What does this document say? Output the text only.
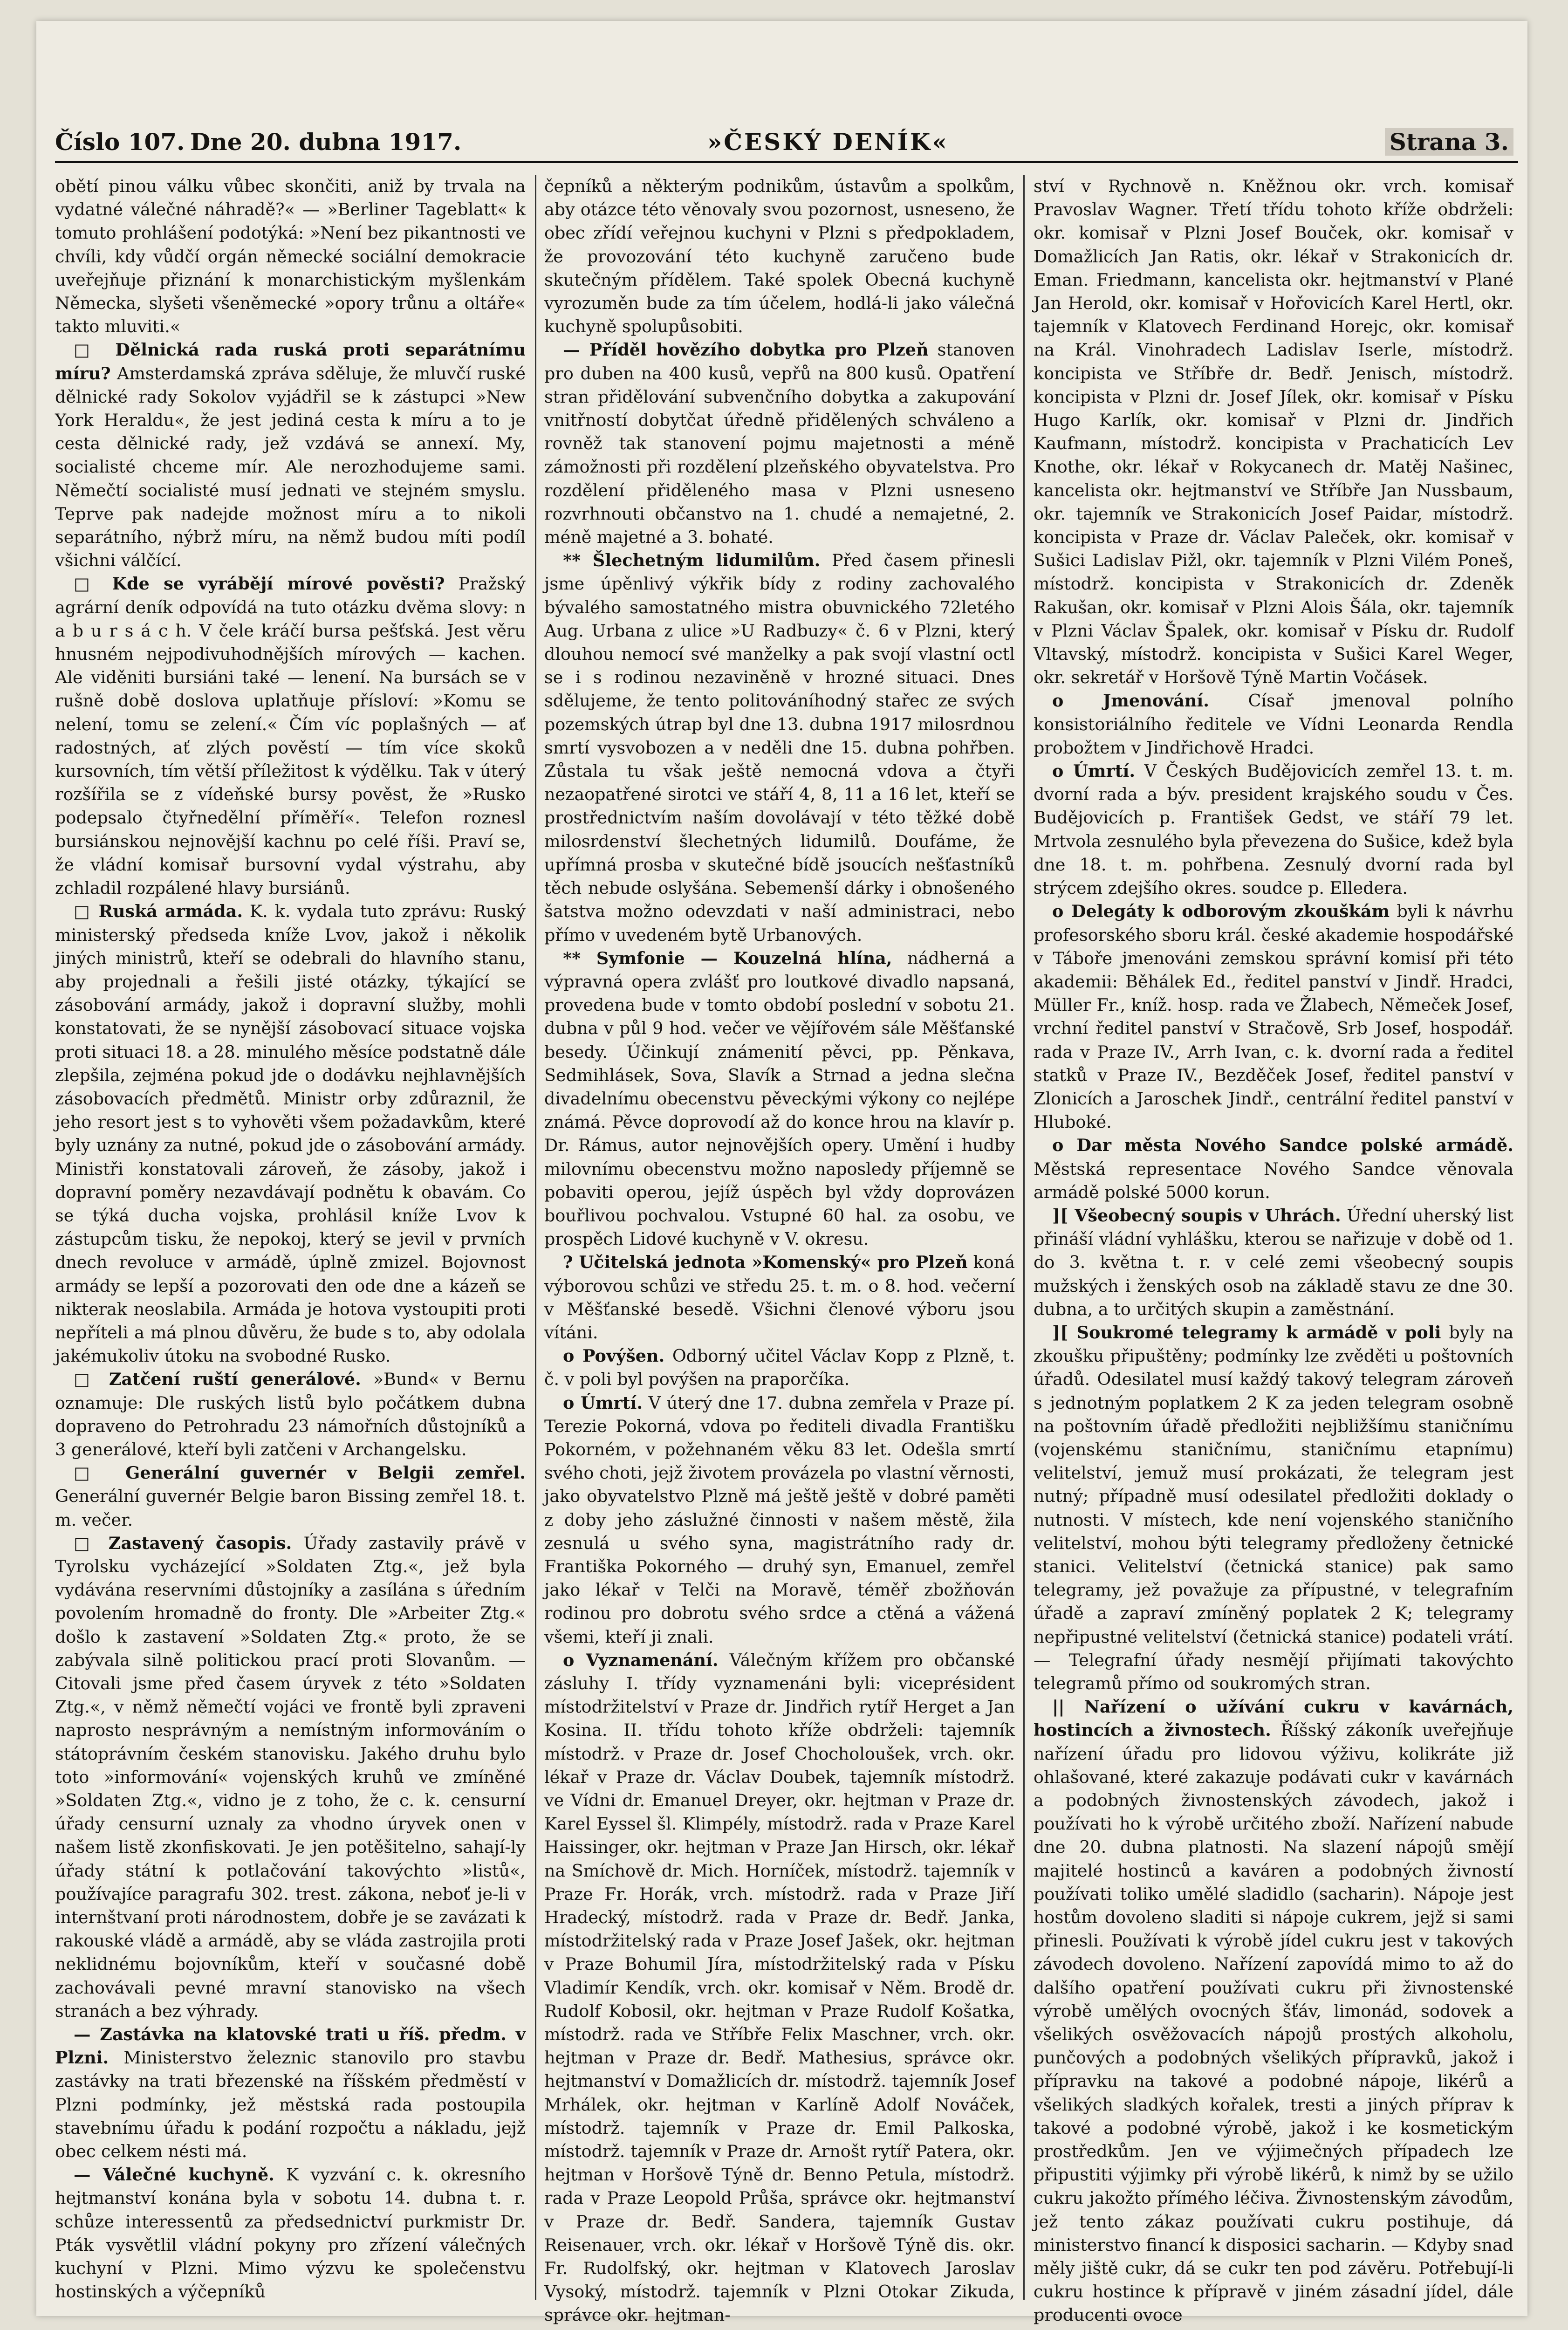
Číslo 107. Dne 20. dubna 1917.	»ČESKÝ DENÍK«	Strana 3.

obětí pinou válku vůbec skončiti, aniž by trvala na vydatné válečné náhradě?« — »Berliner Tageblatt« k tomuto prohlášení podotýká: »Není bez pikantnosti ve chvíli, kdy vůdčí orgán německé sociální demokracie uveřejňuje přiznání k monarchistickým myšlenkám Německa, slyšeti všeněmecké »opory trůnu a oltáře« takto mluviti.«

□ Dělnická rada ruská proti separátnímu míru? Amsterdamská zpráva sděluje, že mluvčí ruské dělnické rady Sokolov vyjádřil se k zástupci »New York Heraldu«, že jest jediná cesta k míru a to je cesta dělnické rady, jež vzdává se annexí. My, socialisté chceme mír. Ale nerozhodujeme sami. Němečtí socialisté musí jednati ve stejném smyslu. Teprve pak nadejde možnost míru a to nikoli separátního, nýbrž míru, na němž budou míti podíl všichni válčící.

□ Kde se vyrábějí mírové pověsti? Pražský agrární deník odpovídá na tuto otázku dvěma slovy: n a b u r s á c h. V čele kráčí bursa pešťská. Jest věru hnusném nejpodivuhodnějších mírových — kachen. Ale viděniti bursiáni také — lenení. Na bursách se v rušně době doslova uplatňuje přísloví: »Komu se nelení, tomu se zelení.« Čím víc poplašných — ať radostných, ať zlých pověstí — tím více skoků kursovních, tím větší příležitost k výdělku. Tak v úterý rozšířila se z vídeňské bursy pověst, že »Rusko podepsalo čtyřnedělní příměří«. Telefon roznesl bursiánskou nejnovější kachnu po celé říši. Praví se, že vládní komisař bursovní vydal výstrahu, aby zchladil rozpálené hlavy bursiánů.

□ Ruská armáda. K. k. vydala tuto zprávu: Ruský ministerský předseda kníže Lvov, jakož i několik jiných ministrů, kteří se odebrali do hlavního stanu, aby projednali a řešili jisté otázky, týkající se zásobování armády, jakož i dopravní služby, mohli konstatovati, že se nynější zásobovací situace vojska proti situaci 18. a 28. minulého měsíce podstatně dále zlepšila, zejména pokud jde o dodávku nejhlavnějších zásobovacích předmětů. Ministr orby zdůraznil, že jeho resort jest s to vyhověti všem požadavkům, které byly uznány za nutné, pokud jde o zásobování armády. Ministři konstatovali zároveň, že zásoby, jakož i dopravní poměry nezavdávají podnětu k obavám. Co se týká ducha vojska, prohlásil kníže Lvov k zástupcům tisku, že nepokoj, který se jevil v prvních dnech revoluce v armádě, úplně zmizel. Bojovnost armády se lepší a pozorovati den ode dne a kázeň se nikterak neoslabila. Armáda je hotova vystoupiti proti nepříteli a má plnou důvěru, že bude s to, aby odolala jakémukoliv útoku na svobodné Rusko.

□ Zatčení ruští generálové. »Bund« v Bernu oznamuje: Dle ruských listů bylo počátkem dubna dopraveno do Petrohradu 23 námořních důstojníků a 3 generálové, kteří byli zatčeni v Archangelsku.

□ Generální guvernér v Belgii zemřel. Generální guvernér Belgie baron Bissing zemřel 18. t. m. večer.

□ Zastavený časopis. Úřady zastavily právě v Tyrolsku vycházející »Soldaten Ztg.«, jež byla vydávána reservními důstojníky a zasílána s úředním povolením hromadně do fronty. Dle »Arbeiter Ztg.« došlo k zastavení »Soldaten Ztg.« proto, že se zabývala silně politickou prací proti Slovanům. — Citovali jsme před časem úryvek z této »Soldaten Ztg.«, v němž němečtí vojáci ve frontě byli zpraveni naprosto nesprávným a nemístným informováním o státoprávním českém stanovisku. Jakého druhu bylo toto »informování« vojenských kruhů ve zmíněné »Soldaten Ztg.«, vidno je z toho, že c. k. censurní úřady censurní uznaly za vhodno úryvek onen v našem listě zkonfiskovati. Je jen potěšitelno, sahají-ly úřady státní k potlačování takovýchto »listů«, používajíce paragrafu 302. trest. zákona, neboť je-li v internštvaní proti národnostem, dobře je se zavázati k rakouské vládě a armádě, aby se vláda zastrojila proti neklidnému bojovníkům, kteří v současné době zachovávali pevné mravní stanovisko na všech stranách a bez výhrady.

— Zastávka na klatovské trati u říš. předm. v Plzni. Ministerstvo železnic stanovilo pro stavbu zastávky na trati březenské na říšském předměstí v Plzni podmínky, jež městská rada postoupila stavebnímu úřadu k podání rozpočtu a nákladu, jejž obec celkem nésti má.

— Válečné kuchyně. K vyzvání c. k. okresního hejtmanství konána byla v sobotu 14. dubna t. r. schůze interessentů za předsednictví purkmistr Dr. Pták vysvětlil vládní pokyny pro zřízení válečných kuchyní v Plzni. Mimo výzvu ke společenstvu hostinských a výčepníků

čepníků a některým podnikům, ústavům a spolkům, aby otázce této věnovaly svou pozornost, usneseno, že obec zřídí veřejnou kuchyni v Plzni s předpokladem, že provozování této kuchyně zaručeno bude skutečným přídělem. Také spolek Obecná kuchyně vyrozuměn bude za tím účelem, hodlá-li jako válečná kuchyně spolupůsobiti.

— Příděl hovězího dobytka pro Plzeň stanoven pro duben na 400 kusů, vepřů na 800 kusů. Opatření stran přidělování subvenčního dobytka a zakupování vnitřností dobytčat úředně přidělených schváleno a rovněž tak stanovení pojmu majetnosti a méně zámožnosti při rozdělení plzeňského obyvatelstva. Pro rozdělení přiděleného masa v Plzni usneseno rozvrhnouti občanstvo na 1. chudé a nemajetné, 2. méně majetné a 3. bohaté.

** Šlechetným lidumilům. Před časem přinesli jsme úpěnlivý výkřik bídy z rodiny zachovalého bývalého samostatného mistra obuvnického 72letého Aug. Urbana z ulice »U Radbuzy« č. 6 v Plzni, který dlouhou nemocí své manželky a pak svojí vlastní octl se i s rodinou nezaviněně v hrozné situaci. Dnes sdělujeme, že tento politováníhodný stařec ze svých pozemských útrap byl dne 13. dubna 1917 milosrdnou smrtí vysvobozen a v neděli dne 15. dubna pohřben. Zůstala tu však ještě nemocná vdova a čtyři nezaopatřené sirotci ve stáří 4, 8, 11 a 16 let, kteří se prostřednictvím naším dovolávají v této těžké době milosrdenství šlechetných lidumilů. Doufáme, že upřímná prosba v skutečné bídě jsoucích nešťastníků těch nebude oslyšána. Sebemenší dárky i obnošeného šatstva možno odevzdati v naší administraci, nebo přímo v uvedeném bytě Urbanových.

** Symfonie — Kouzelná hlína, nádherná a výpravná opera zvlášť pro loutkové divadlo napsaná, provedena bude v tomto období poslední v sobotu 21. dubna v půl 9 hod. večer ve vějířovém sále Měšťanské besedy. Účinkují známenití pěvci, pp. Pěnkava, Sedmihlásek, Sova, Slavík a Strnad a jedna slečna divadelnímu obecenstvu pěveckými výkony co nejlépe známá. Pěvce doprovodí až do konce hrou na klavír p. Dr. Rámus, autor nejnovějších opery. Umění i hudby milovnímu obecenstvu možno naposledy příjemně se pobaviti operou, jejíž úspěch byl vždy doprovázen bouřlivou pochvalou. Vstupné 60 hal. za osobu, ve prospěch Lidové kuchyně v V. okresu.

? Učitelská jednota »Komenský« pro Plzeň koná výborovou schůzi ve středu 25. t. m. o 8. hod. večerní v Měšťanské besedě. Všichni členové výboru jsou vítáni.

o Povýšen. Odborný učitel Václav Kopp z Plzně, t. č. v poli byl povýšen na praporčíka.

o Úmrtí. V úterý dne 17. dubna zemřela v Praze pí. Terezie Pokorná, vdova po řediteli divadla Františku Pokorném, v požehnaném věku 83 let. Odešla smrtí svého choti, jejž životem provázela po vlastní věrnosti, jako obyvatelstvo Plzně má ještě ještě v dobré paměti z doby jeho záslužné činnosti v našem městě, žila zesnulá u svého syna, magistrátního rady dr. Františka Pokorného — druhý syn, Emanuel, zemřel jako lékař v Telči na Moravě, téměř zbožňován rodinou pro dobrotu svého srdce a ctěná a vážená všemi, kteří ji znali.

o Vyznamenání. Válečným křížem pro občanské zásluhy I. třídy vyznamenáni byli: viceprésident místodržitelství v Praze dr. Jindřich rytíř Herget a Jan Kosina. II. třídu tohoto kříže obdrželi: tajemník místodrž. v Praze dr. Josef Chocholoušek, vrch. okr. lékař v Praze dr. Václav Doubek, tajemník místodrž. ve Vídni dr. Emanuel Dreyer, okr. hejtman v Praze dr. Karel Eyssel šl. Klimpély, místodrž. rada v Praze Karel Haissinger, okr. hejtman v Praze Jan Hirsch, okr. lékař na Smíchově dr. Mich. Horníček, místodrž. tajemník v Praze Fr. Horák, vrch. místodrž. rada v Praze Jiří Hradecký, místodrž. rada v Praze dr. Bedř. Janka, místodržitelský rada v Praze Josef Jašek, okr. hejtman v Praze Bohumil Jíra, místodržitelský rada v Písku Vladimír Kendík, vrch. okr. komisař v Něm. Brodě dr. Rudolf Kobosil, okr. hejtman v Praze Rudolf Košatka, místodrž. rada ve Stříbře Felix Maschner, vrch. okr. hejtman v Praze dr. Bedř. Mathesius, správce okr. hejtmanství v Domažlicích dr. místodrž. tajemník Josef Mrhálek, okr. hejtman v Karlíně Adolf Nováček, místodrž. tajemník v Praze dr. Emil Palkoska, místodrž. tajemník v Praze dr. Arnošt rytíř Patera, okr. hejtman v Horšově Týně dr. Benno Petula, místodrž. rada v Praze Leopold Průša, správce okr. hejtmanství v Praze dr. Bedř. Sandera, tajemník Gustav Reisenauer, vrch. okr. lékař v Horšově Týně dis. okr. Fr. Rudolfský, okr. hejtman v Klatovech Jaroslav Vysoký, místodrž. tajemník v Plzni Otokar Zikuda, správce okr. hejtman-

ství v Rychnově n. Kněžnou okr. vrch. komisař Pravoslav Wagner. Třetí třídu tohoto kříže obdrželi: okr. komisař v Plzni Josef Bouček, okr. komisař v Domažlicích Jan Ratis, okr. lékař v Strakonicích dr. Eman. Friedmann, kancelista okr. hejtmanství v Plané Jan Herold, okr. komisař v Hořovicích Karel Hertl, okr. tajemník v Klatovech Ferdinand Horejc, okr. komisař na Král. Vinohradech Ladislav Iserle, místodrž. koncipista ve Stříbře dr. Bedř. Jenisch, místodrž. koncipista v Plzni dr. Josef Jílek, okr. komisař v Písku Hugo Karlík, okr. komisař v Plzni dr. Jindřich Kaufmann, místodrž. koncipista v Prachaticích Lev Knothe, okr. lékař v Rokycanech dr. Matěj Našinec, kancelista okr. hejtmanství ve Stříbře Jan Nussbaum, okr. tajemník ve Strakonicích Josef Paidar, místodrž. koncipista v Praze dr. Václav Paleček, okr. komisař v Sušici Ladislav Pižl, okr. tajemník v Plzni Vilém Poneš, místodrž. koncipista v Strakonicích dr. Zdeněk Rakušan, okr. komisař v Plzni Alois Šála, okr. tajemník v Plzni Václav Špalek, okr. komisař v Písku dr. Rudolf Vltavský, místodrž. koncipista v Sušici Karel Weger, okr. sekretář v Horšově Týně Martin Vočásek.

o Jmenování. Císař jmenoval polního konsistoriálního ředitele ve Vídni Leonarda Rendla probožtem v Jindřichově Hradci.

o Úmrtí. V Českých Budějovicích zemřel 13. t. m. dvorní rada a býv. president krajského soudu v Čes. Budějovicích p. František Gedst, ve stáří 79 let. Mrtvola zesnulého byla převezena do Sušice, kdež byla dne 18. t. m. pohřbena. Zesnulý dvorní rada byl strýcem zdejšího okres. soudce p. Elledera.

o Delegáty k odborovým zkouškám byli k návrhu profesorského sboru král. české akademie hospodářské v Táboře jmenováni zemskou správní komisí při této akademii: Běhálek Ed., ředitel panství v Jindř. Hradci, Müller Fr., kníž. hosp. rada ve Žlabech, Němeček Josef, vrchní ředitel panství v Stračově, Srb Josef, hospodář. rada v Praze IV., Arrh Ivan, c. k. dvorní rada a ředitel statků v Praze IV., Bezděček Josef, ředitel panství v Zlonicích a Jaroschek Jindř., centrální ředitel panství v Hluboké.

o Dar města Nového Sandce polské armádě. Městská representace Nového Sandce věnovala armádě polské 5000 korun.

][ Všeobecný soupis v Uhrách. Úřední uherský list přináší vládní vyhlášku, kterou se nařizuje v době od 1. do 3. května t. r. v celé zemi všeobecný soupis mužských i ženských osob na základě stavu ze dne 30. dubna, a to určitých skupin a zaměstnání.

][ Soukromé telegramy k armádě v poli byly na zkoušku připuštěny; podmínky lze zvěděti u poštovních úřadů. Odesilatel musí každý takový telegram zároveň s jednotným poplatkem 2 K za jeden telegram osobně na poštovním úřadě předložiti nejbližšímu staničnímu (vojenskému staničnímu, staničnímu etapnímu) velitelství, jemuž musí prokázati, že telegram jest nutný; případně musí odesilatel předložiti doklady o nutnosti. V místech, kde není vojenského staničního velitelství, mohou býti telegramy předloženy četnické stanici. Velitelství (četnická stanice) pak samo telegramy, jež považuje za přípustné, v telegrafním úřadě a zapraví zmíněný poplatek 2 K; telegramy nepřipustné velitelství (četnická stanice) podateli vrátí. — Telegrafní úřady nesmějí přijímati takovýchto telegramů přímo od soukromých stran.

|| Nařízení o užívání cukru v kavárnách, hostincích a živnostech. Říšský zákoník uveřejňuje nařízení úřadu pro lidovou výživu, kolikráte již ohlašované, které zakazuje podávati cukr v kavárnách a podobných živnostenských závodech, jakož i používati ho k výrobě určitého zboží. Nařízení nabude dne 20. dubna platnosti. Na slazení nápojů smějí majitelé hostinců a kaváren a podobných živností používati toliko umělé sladidlo (sacharin). Nápoje jest hostům dovoleno sladiti si nápoje cukrem, jejž si sami přinesli. Používati k výrobě jídel cukru jest v takových závodech dovoleno. Nařízení zapovídá mimo to až do dalšího opatření používati cukru při živnostenské výrobě umělých ovocných šťáv, limonád, sodovek a všelikých osvěžovacích nápojů prostých alkoholu, punčových a podobných všelikých přípravků, jakož i přípravku na takové a podobné nápoje, likérů a všelikých sladkých kořalek, tresti a jiných příprav k takové a podobné výrobě, jakož i ke kosmetickým prostředkům. Jen ve výjimečných případech lze připustiti výjimky při výrobě likérů, k nimž by se užilo cukru jakožto přímého léčiva. Živnostenským závodům, jež tento zákaz používati cukru postihuje, dá ministerstvo financí k disposici sacharin. — Kdyby snad měly jiště cukr, dá se cukr ten pod závěru. Potřebují-li cukru hostince k přípravě v jiném zásadní jídel, dále producenti ovoce
